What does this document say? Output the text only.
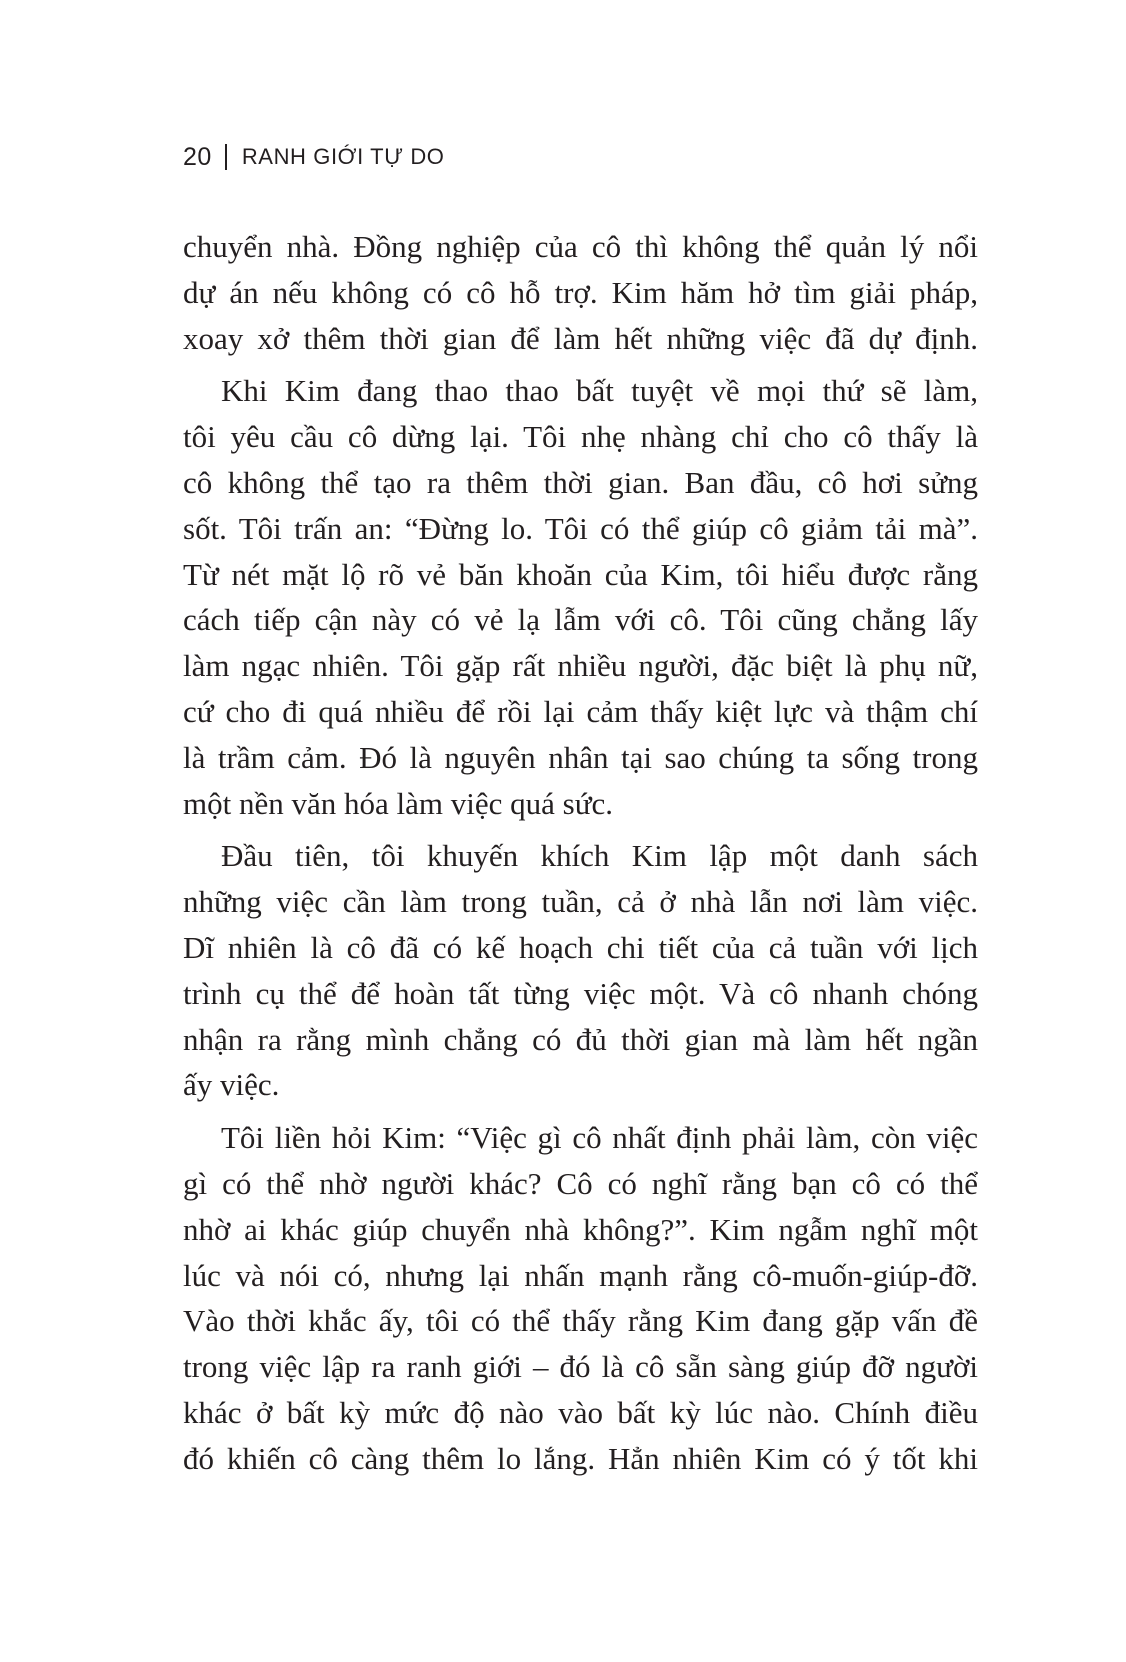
20 RANH GIỚI TỰ DO
chuyển nhà. Đồng nghiệp của cô thì không thể quản lý nổi
dự án nếu không có cô hỗ trợ. Kim hăm hở tìm giải pháp,
xoay xở thêm thời gian để làm hết những việc đã dự định.
Khi Kim đang thao thao bất tuyệt về mọi thứ sẽ làm,
tôi yêu cầu cô dừng lại. Tôi nhẹ nhàng chỉ cho cô thấy là
cô không thể tạo ra thêm thời gian. Ban đầu, cô hơi sửng
sốt. Tôi trấn an: “Đừng lo. Tôi có thể giúp cô giảm tải mà”.
Từ nét mặt lộ rõ vẻ băn khoăn của Kim, tôi hiểu được rằng
cách tiếp cận này có vẻ lạ lẫm với cô. Tôi cũng chẳng lấy
làm ngạc nhiên. Tôi gặp rất nhiều người, đặc biệt là phụ nữ,
cứ cho đi quá nhiều để rồi lại cảm thấy kiệt lực và thậm chí
là trầm cảm. Đó là nguyên nhân tại sao chúng ta sống trong
một nền văn hóa làm việc quá sức.
Đầu tiên, tôi khuyến khích Kim lập một danh sách
những việc cần làm trong tuần, cả ở nhà lẫn nơi làm việc.
Dĩ nhiên là cô đã có kế hoạch chi tiết của cả tuần với lịch
trình cụ thể để hoàn tất từng việc một. Và cô nhanh chóng
nhận ra rằng mình chẳng có đủ thời gian mà làm hết ngần
ấy việc.
Tôi liền hỏi Kim: “Việc gì cô nhất định phải làm, còn việc
gì có thể nhờ người khác? Cô có nghĩ rằng bạn cô có thể
nhờ ai khác giúp chuyển nhà không?”. Kim ngẫm nghĩ một
lúc và nói có, nhưng lại nhấn mạnh rằng cô-muốn-giúp-đỡ.
Vào thời khắc ấy, tôi có thể thấy rằng Kim đang gặp vấn đề
trong việc lập ra ranh giới – đó là cô sẵn sàng giúp đỡ người
khác ở bất kỳ mức độ nào vào bất kỳ lúc nào. Chính điều
đó khiến cô càng thêm lo lắng. Hẳn nhiên Kim có ý tốt khi
